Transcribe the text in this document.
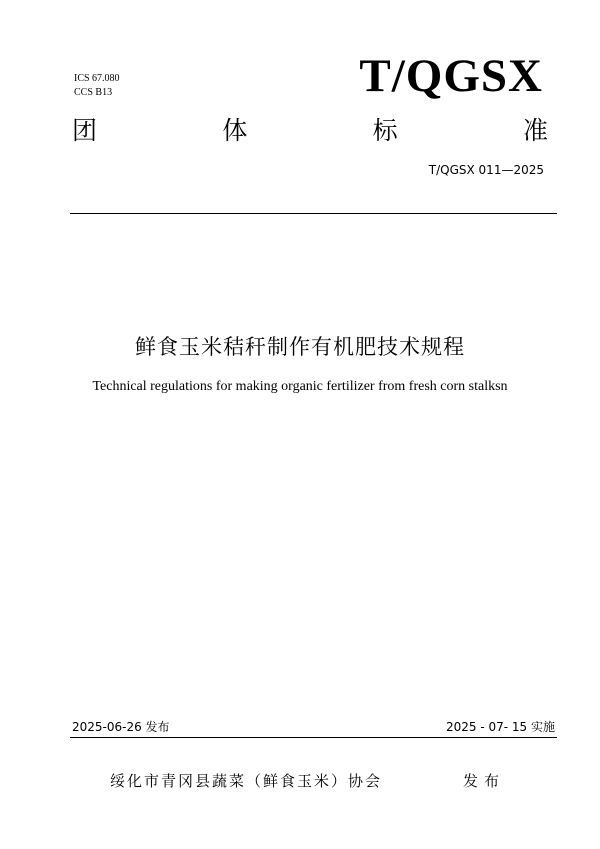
ICS 67.080
CCS B13	T/QGSX
团	体	标	准
T/QGSX 011—2025
鲜食玉米秸秆制作有机肥技术规程
Technical regulations for making organic fertilizer from fresh corn stalksn
2025-06-26 发布	2025 - 07- 15 实施
绥化市青冈县蔬菜（鲜食玉米）协会	发布
